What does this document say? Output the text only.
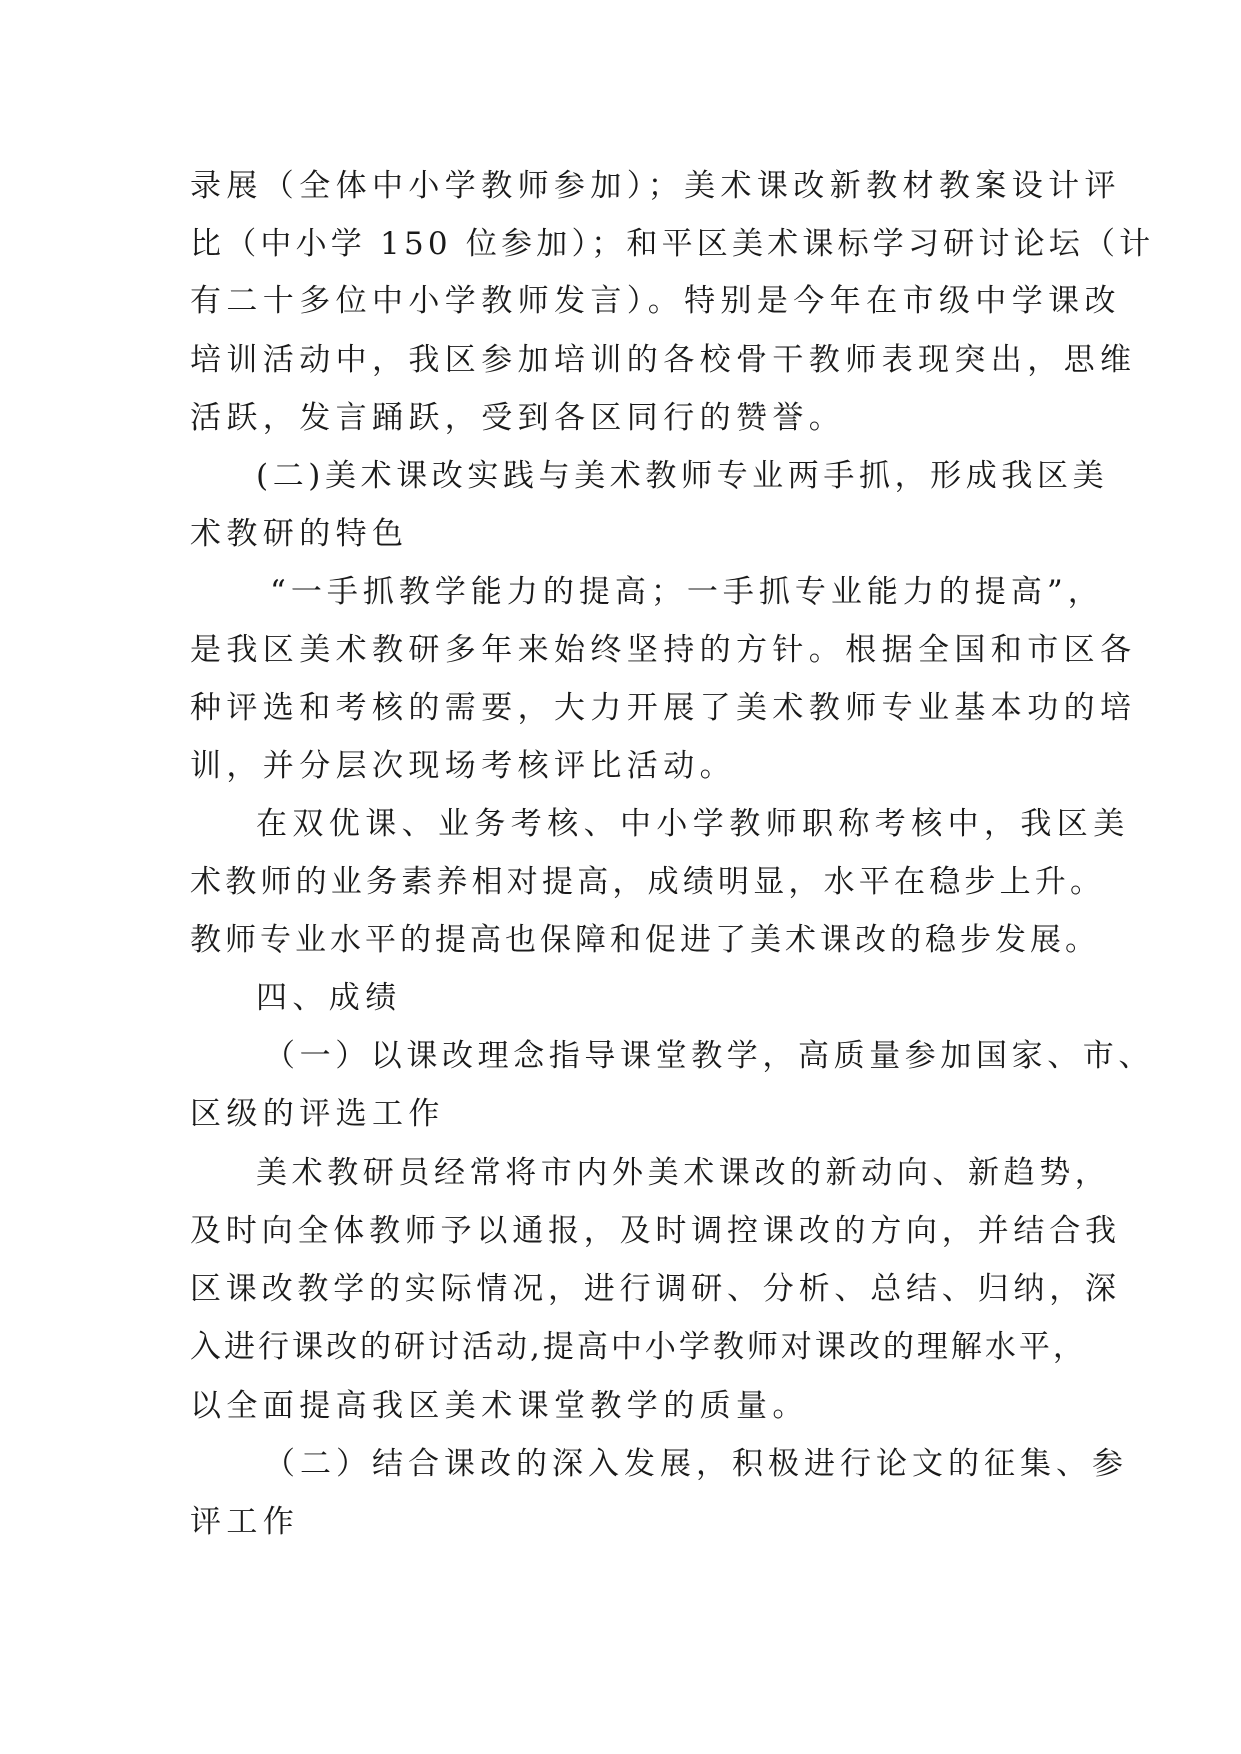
录展（全体中小学教师参加）；美术课改新教材教案设计评

比（中小学 150 位参加）；和平区美术课标学习研讨论坛（计

有二十多位中小学教师发言）。特别是今年在市级中学课改

培训活动中，我区参加培训的各校骨干教师表现突出，思维

活跃，发言踊跃，受到各区同行的赞誉。

(二)美术课改实践与美术教师专业两手抓，形成我区美

术教研的特色

“一手抓教学能力的提高；一手抓专业能力的提高”，

是我区美术教研多年来始终坚持的方针。根据全国和市区各

种评选和考核的需要，大力开展了美术教师专业基本功的培

训，并分层次现场考核评比活动。

在双优课、业务考核、中小学教师职称考核中，我区美

术教师的业务素养相对提高，成绩明显，水平在稳步上升。

教师专业水平的提高也保障和促进了美术课改的稳步发展。

四、成绩

（一）以课改理念指导课堂教学，高质量参加国家、市、

区级的评选工作

美术教研员经常将市内外美术课改的新动向、新趋势，

及时向全体教师予以通报，及时调控课改的方向，并结合我

区课改教学的实际情况，进行调研、分析、总结、归纳，深

入进行课改的研讨活动,提高中小学教师对课改的理解水平，

以全面提高我区美术课堂教学的质量。

（二）结合课改的深入发展，积极进行论文的征集、参

评工作
